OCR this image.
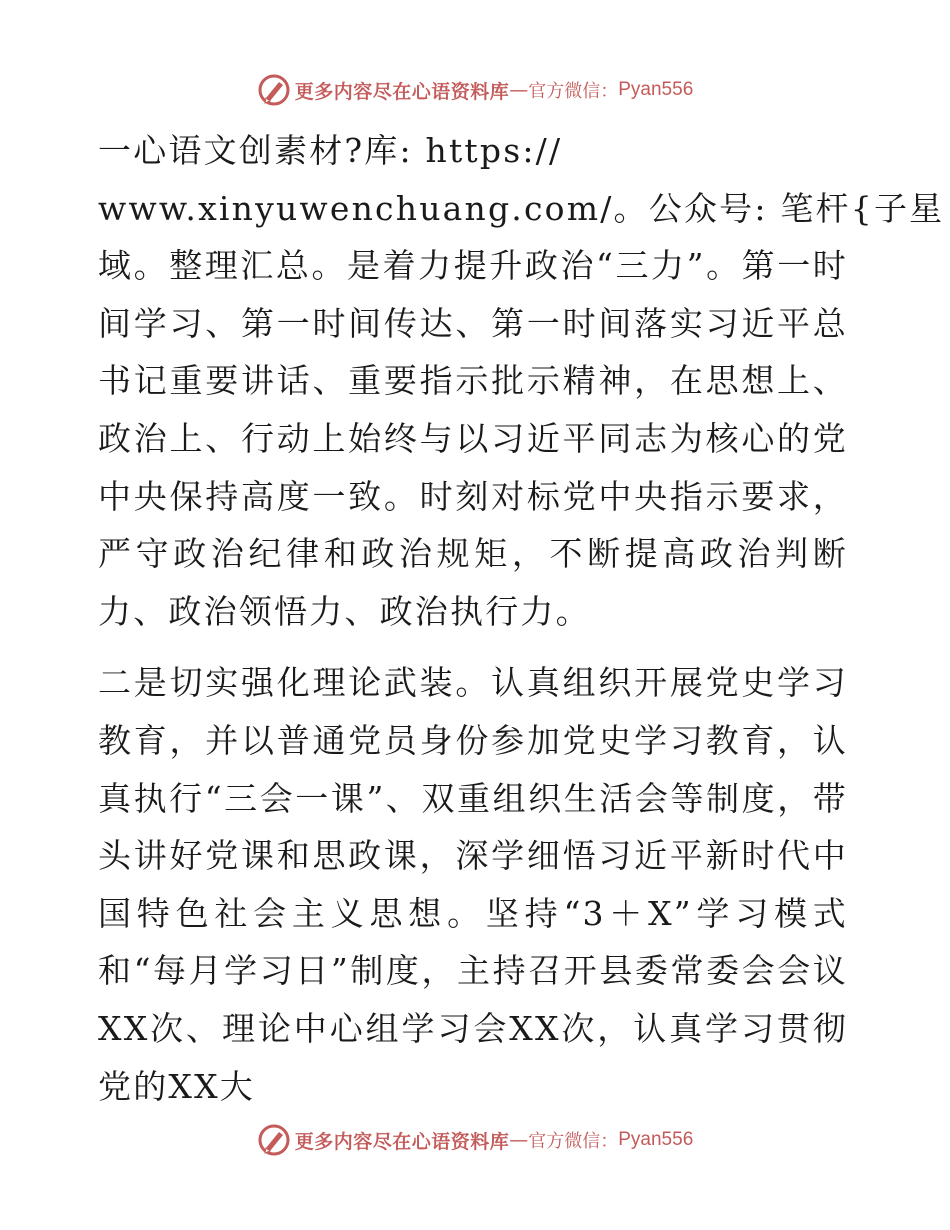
更多内容尽在心语资料库 — 官方微信： Pyan556

一心语文创素材?库: https://
www.xinyuwenchuang.com/。公众号: 笔杆{子星
域。整理汇总。是着力提升政治“三力”。第一时间学习、第一时间传达、第一时间落实习近平总书记重要讲话、重要指示批示精神，在思想上、政治上、行动上始终与以习近平同志为核心的党中央保持高度一致。时刻对标党中央指示要求，严守政治纪律和政治规矩，不断提高政治判断力、政治领悟力、政治执行力。

二是切实强化理论武装。认真组织开展党史学习教育，并以普通党员身份参加党史学习教育，认真执行“三会一课”、双重组织生活会等制度，带头讲好党课和思政课，深学细悟习近平新时代中国特色社会主义思想。坚持“3＋X”学习模式和“每月学习日”制度，主持召开县委常委会会议XX次、理论中心组学习会XX次，认真学习贯彻党的XX大

更多内容尽在心语资料库 — 官方微信： Pyan556
